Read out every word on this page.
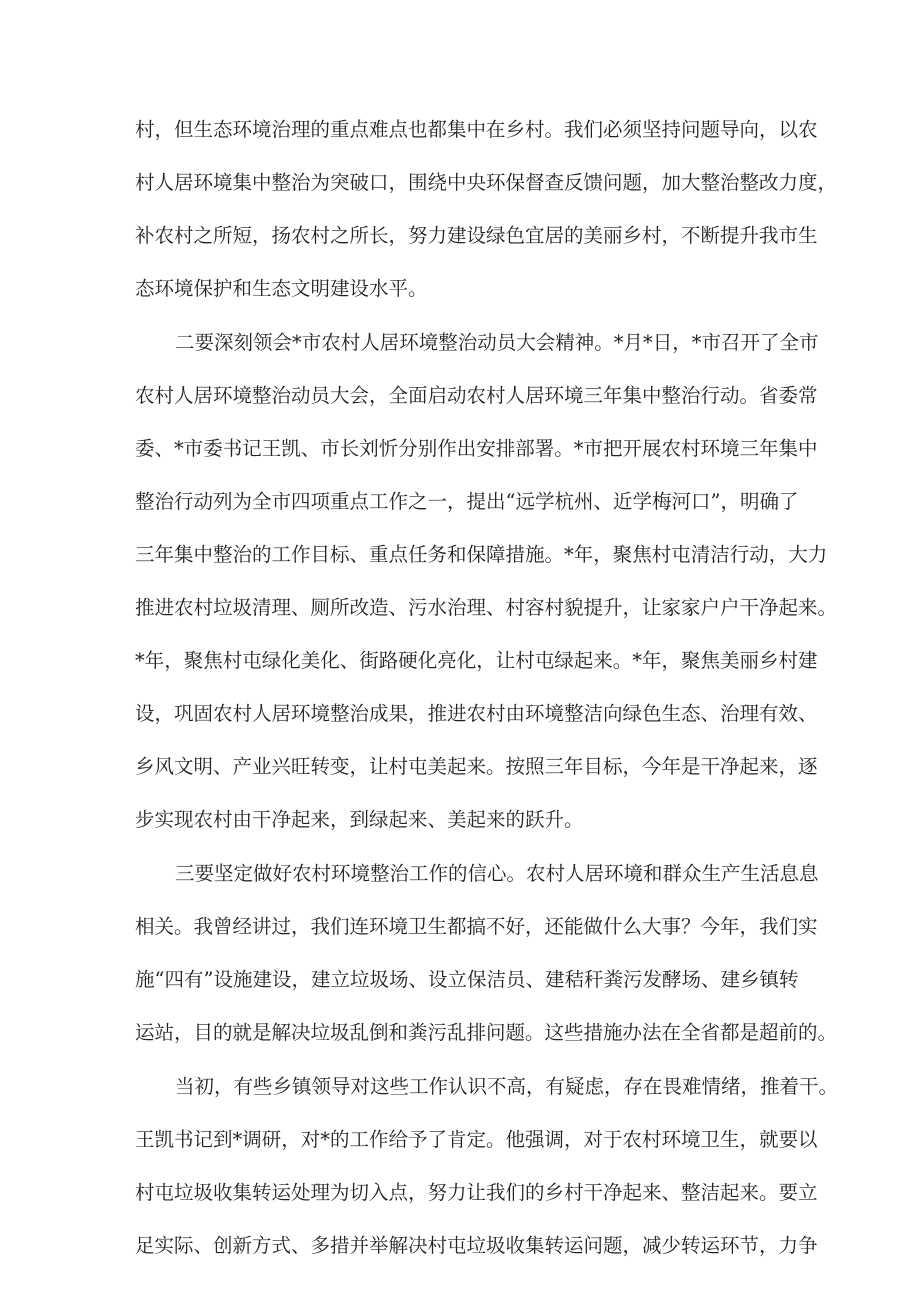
村，但生态环境治理的重点难点也都集中在乡村。我们必须坚持问题导向，以农
村人居环境集中整治为突破口，围绕中央环保督查反馈问题，加大整治整改力度，
补农村之所短，扬农村之所长，努力建设绿色宜居的美丽乡村，不断提升我市生
态环境保护和生态文明建设水平。
二要深刻领会*市农村人居环境整治动员大会精神。*月*日，*市召开了全市
农村人居环境整治动员大会，全面启动农村人居环境三年集中整治行动。省委常
委、*市委书记王凯、市长刘忻分别作出安排部署。*市把开展农村环境三年集中
整治行动列为全市四项重点工作之一，提出“远学杭州、近学梅河口”，明确了
三年集中整治的工作目标、重点任务和保障措施。*年，聚焦村屯清洁行动，大力
推进农村垃圾清理、厕所改造、污水治理、村容村貌提升，让家家户户干净起来。
*年，聚焦村屯绿化美化、街路硬化亮化，让村屯绿起来。*年，聚焦美丽乡村建
设，巩固农村人居环境整治成果，推进农村由环境整洁向绿色生态、治理有效、
乡风文明、产业兴旺转变，让村屯美起来。按照三年目标，今年是干净起来，逐
步实现农村由干净起来，到绿起来、美起来的跃升。
三要坚定做好农村环境整治工作的信心。农村人居环境和群众生产生活息息
相关。我曾经讲过，我们连环境卫生都搞不好，还能做什么大事？今年，我们实
施“四有”设施建设，建立垃圾场、设立保洁员、建秸秆粪污发酵场、建乡镇转
运站，目的就是解决垃圾乱倒和粪污乱排问题。这些措施办法在全省都是超前的。
当初，有些乡镇领导对这些工作认识不高，有疑虑，存在畏难情绪，推着干。
王凯书记到*调研，对*的工作给予了肯定。他强调，对于农村环境卫生，就要以
村屯垃圾收集转运处理为切入点，努力让我们的乡村干净起来、整洁起来。要立
足实际、创新方式、多措并举解决村屯垃圾收集转运问题，减少转运环节，力争
